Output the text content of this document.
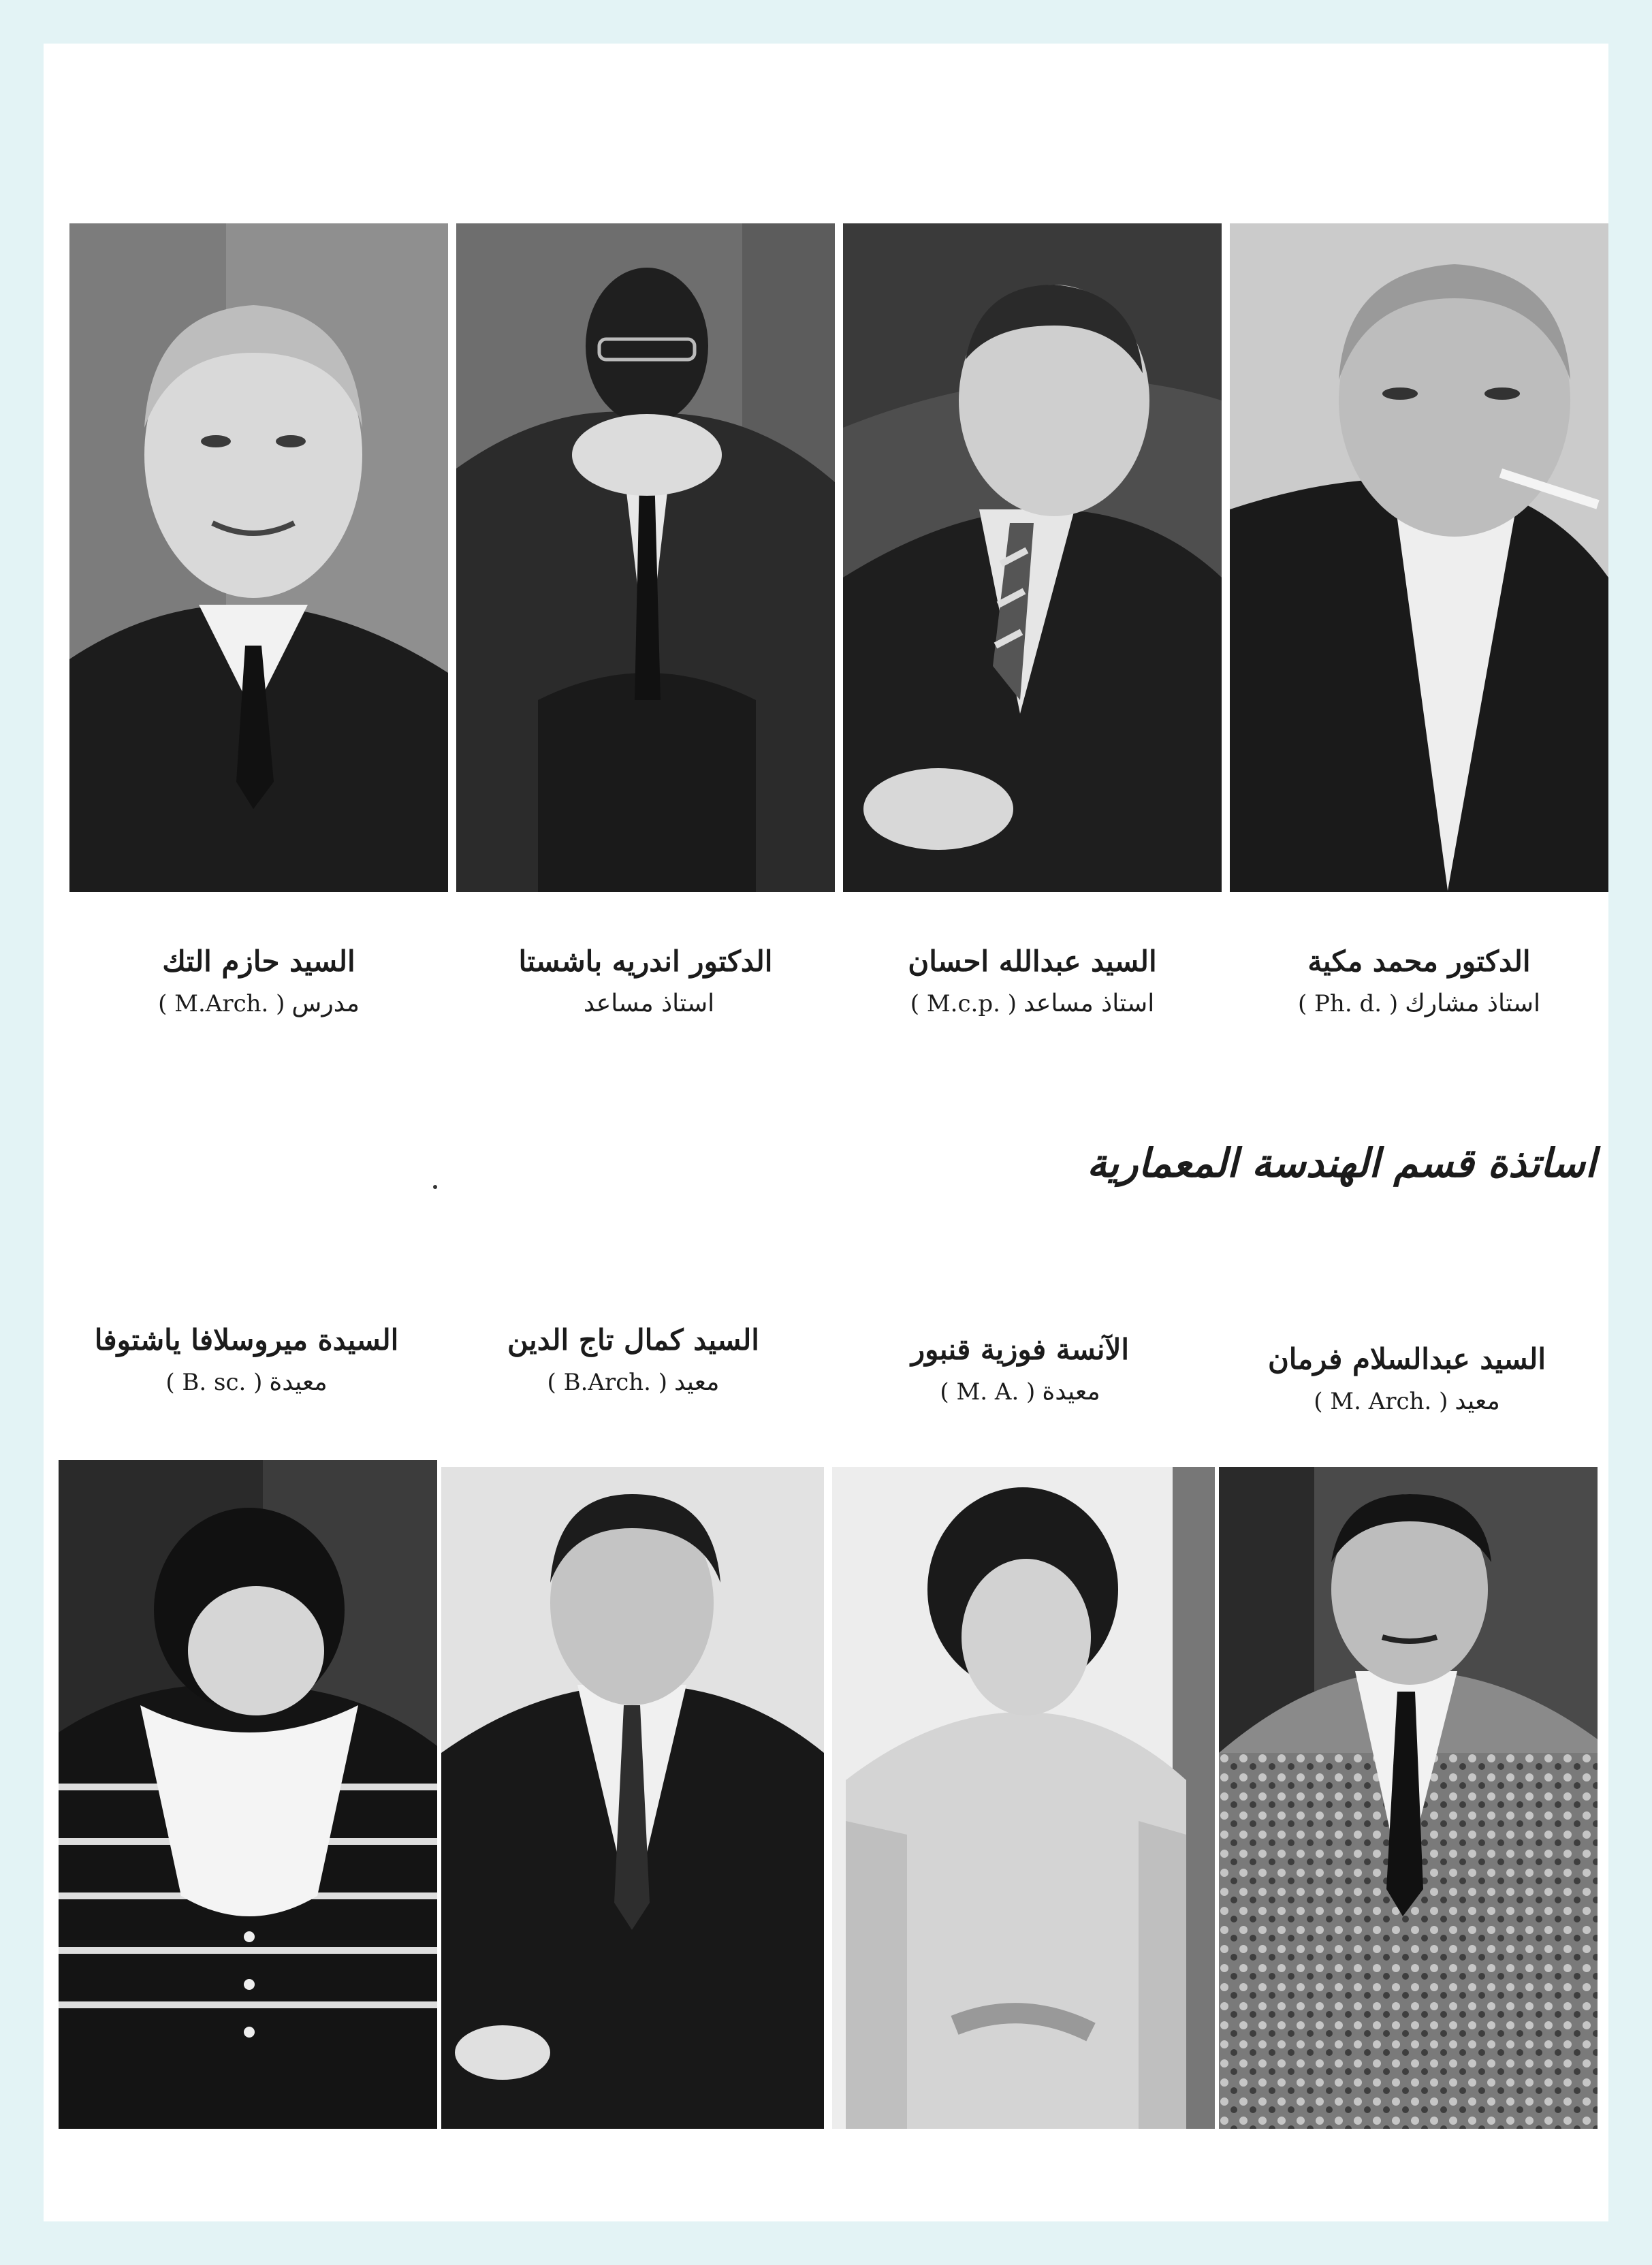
السيد حازم التك
مدرس( M.Arch. )
الدكتور اندريه باشستا
استاذ مساعد
السيد عبدالله احسان
استاذ مساعد( M.c.p. )
الدكتور محمد مكية
استاذ مشارك( Ph. d. )
اساتذة قسم الهندسة المعمارية
السيدة ميروسلافا ياشتوفا
معيدة( B. sc. )
السيد كمال تاج الدين
معيد( B.Arch. )
الآنسة فوزية قنبور
معيدة( M. A. )
السيد عبدالسلام فرمان
معيد( M. Arch. )
